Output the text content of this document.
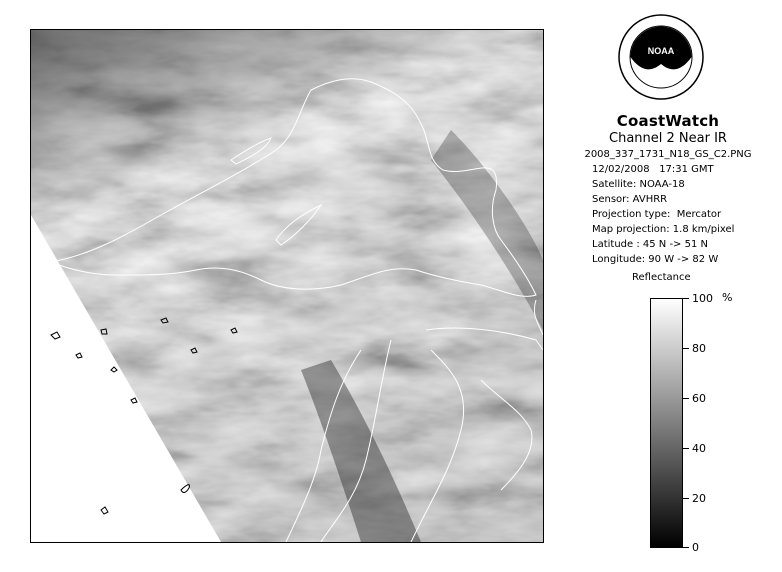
NOAA
CoastWatch
Channel 2 Near IR
2008_337_1731_N18_GS_C2.PNG
12/02/2008 17:31 GMT
Satellite: NOAA-18
Sensor: AVHRR
Projection type:  Mercator
Map projection: 1.8 km/pixel
Latitude : 45 N -> 51 N
Longitude: 90 W -> 82 W
Reflectance
%
100
80
60
40
20
0
